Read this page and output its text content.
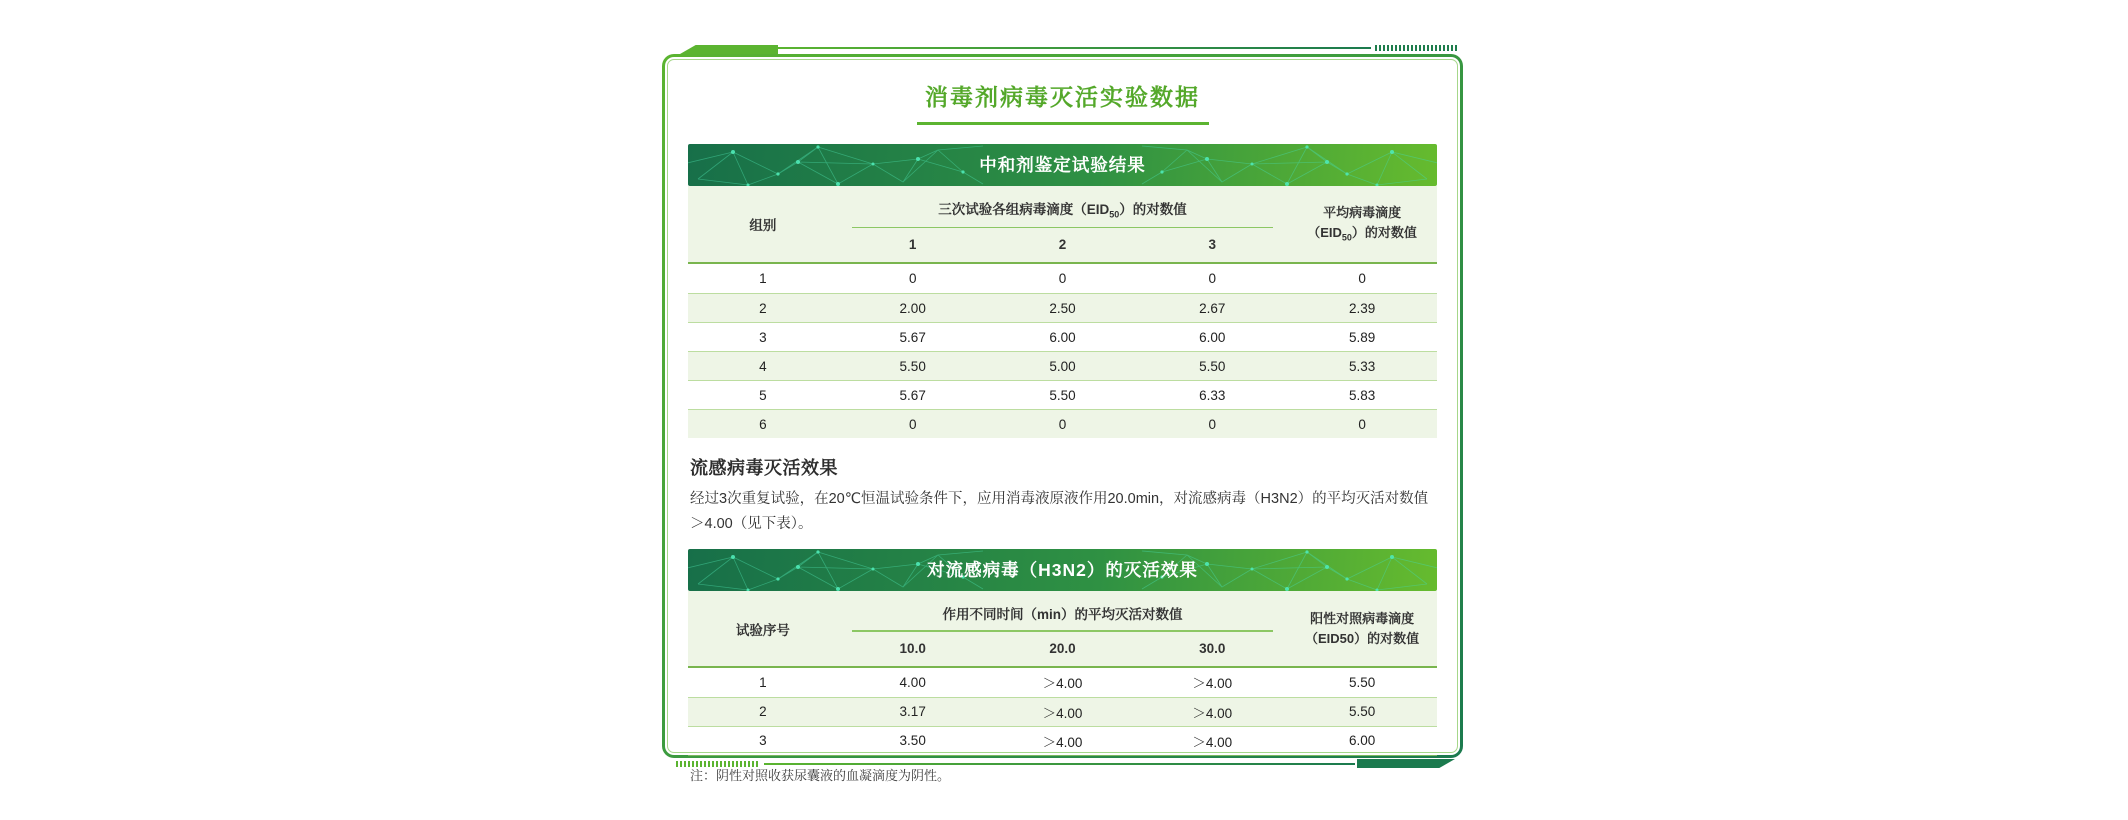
消毒剂病毒灭活实验数据
中和剂鉴定试验结果
组别
三次试验各组病毒滴度$(EID_{50})$的对数值
1	2	3
平均病毒滴度
$(EID_{50})$的对数值
1	0	0	0	0
2	2.00	2.50	2.67	2.39
3	5.67	6.00	6.00	5.89
4	5.50	5.00	5.50	5.33
5	5.67	5.50	6.33	5.83
6	0	0	0	0
流感病毒灭活效果
经过3次重复试验，在20℃恒温试验条件下，应用消毒液原液作用20.0min，对流感病毒（H3N2）的平均灭活对数值＞4.00（见下表）。
对流感病毒（H3N2）的灭活效果
试验序号
作用不同时间（min）的平均灭活对数值
10.0	20.0	30.0
阳性对照病毒滴度
（EID50）的对数值
1	4.00	＞4.00	＞4.00	5.50
2	3.17	＞4.00	＞4.00	5.50
3	3.50	＞4.00	＞4.00	6.00
注：阴性对照收获尿囊液的血凝滴度为阴性。
